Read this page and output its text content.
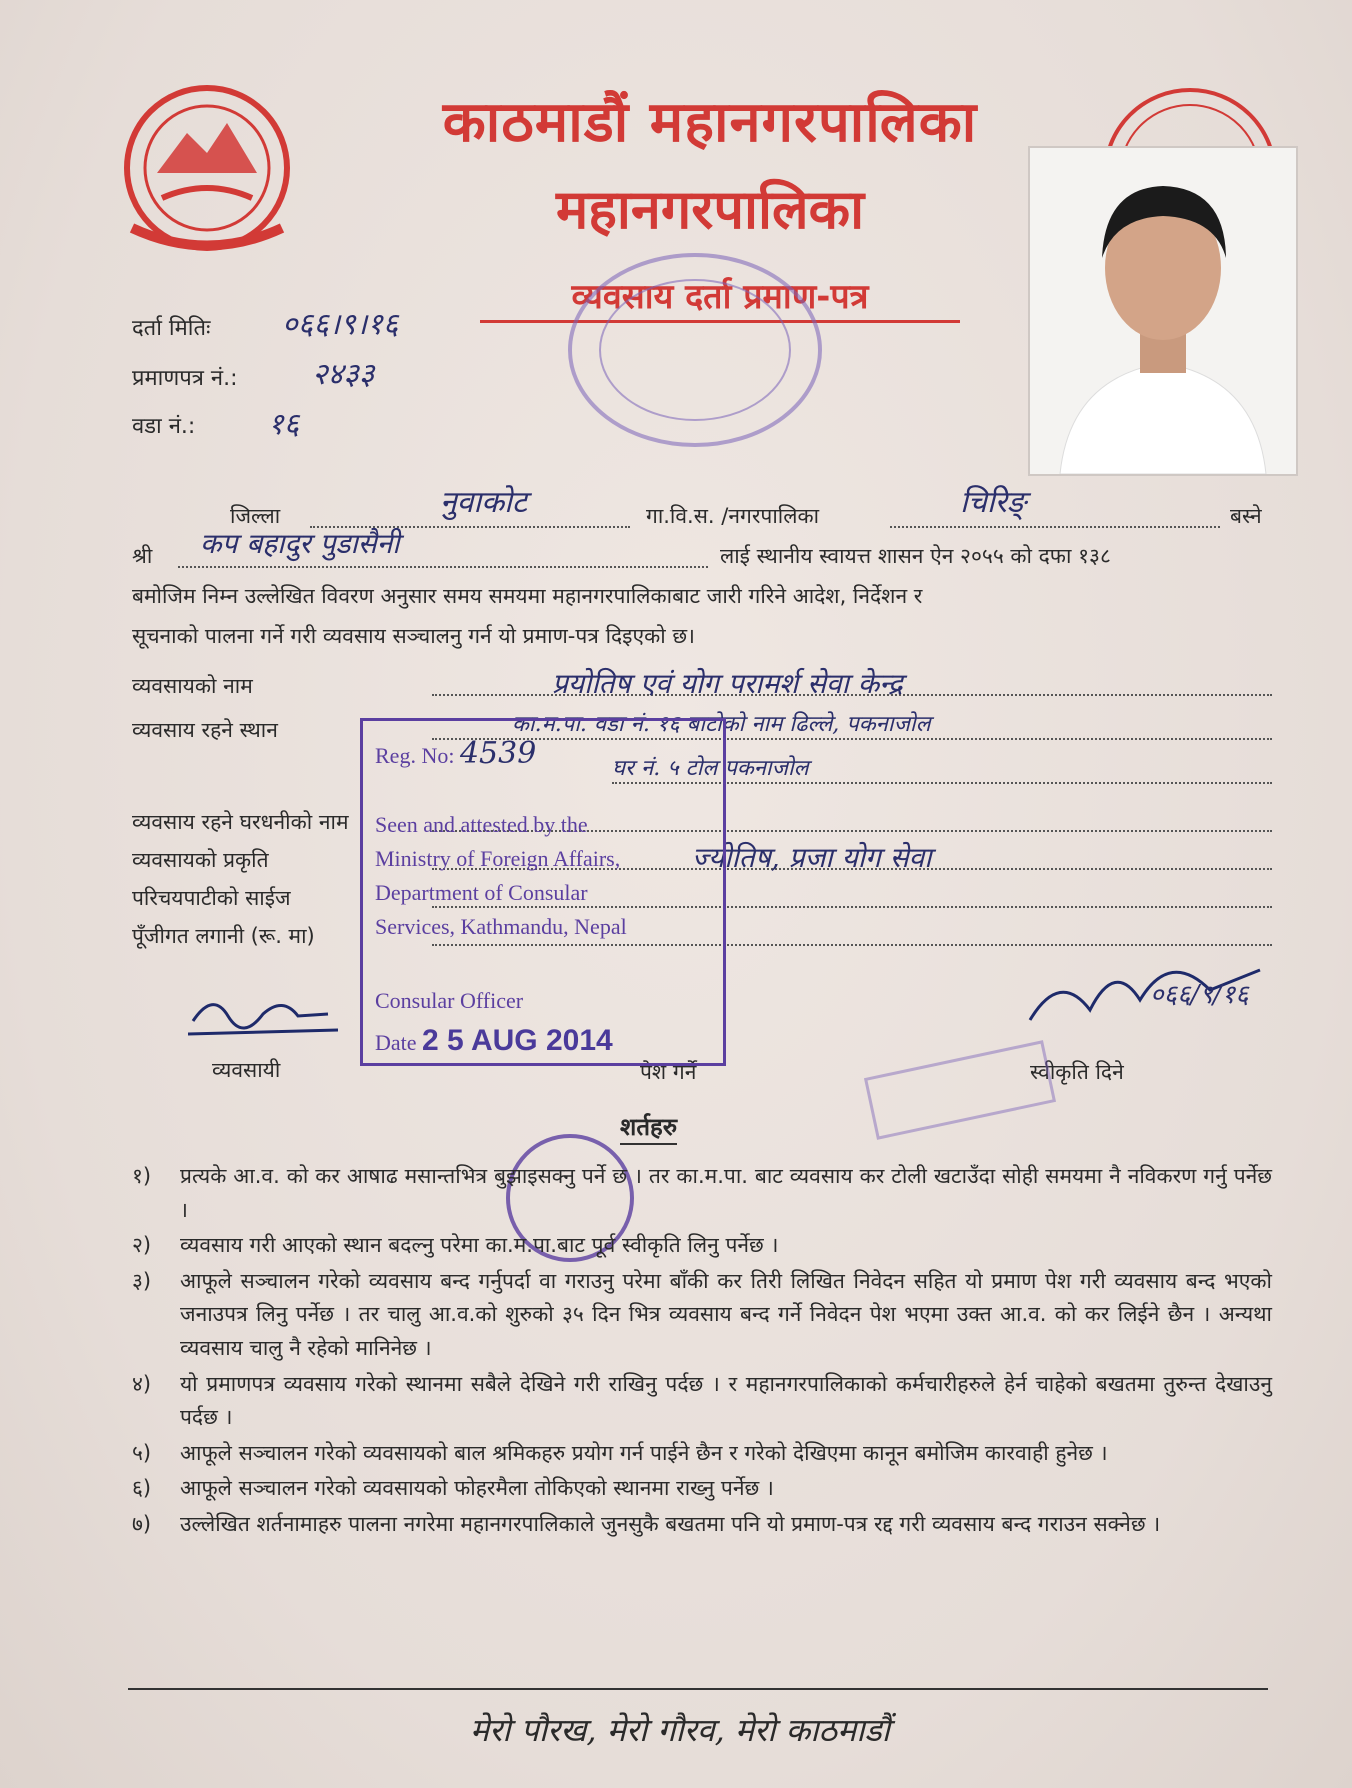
काठमाडौं महानगरपालिका
महानगरपालिका
व्यवसाय दर्ता प्रमाण-पत्र
दर्ता मितिः ०६६।९।१६
प्रमाणपत्र नं.: २४३३
वडा नं.: १६
जिल्ला	नुवाकोट	गा.वि.स. /नगरपालिका	चिरिङ्	बस्ने
श्री कप बहादुर पुडासैनी	लाई स्थानीय स्वायत्त शासन ऐन २०५५ को दफा १३८
बमोजिम निम्न उल्लेखित विवरण अनुसार समय समयमा महानगरपालिकाबाट जारी गरिने आदेश, निर्देशन र
सूचनाको पालना गर्ने गरी व्यवसाय सञ्चालनु गर्न यो प्रमाण-पत्र दिइएको छ।
व्यवसायको नाम	प्रयोतिष एवं योग परामर्श सेवा केन्द्र
व्यवसाय रहने स्थान	का.म.पा. वडा नं. १६ बाटोको नाम ढिल्ले, पकनाजोल
घर नं. ५ टोल पकनाजोल
व्यवसाय रहने घरधनीको नाम
व्यवसायको प्रकृति	ज्योतिष, प्रजा योग सेवा
परिचयपाटीको साईज
पूँजीगत लगानी (रू. मा)
व्यवसायी	पेश गर्ने
०६६/९/१६
स्वीकृति दिने
Reg. No: 4539
Seen and attested by the
Ministry of Foreign Affairs,
Department of Consular
Services, Kathmandu, Nepal
Consular Officer
Date 2 5 AUG 2014
शर्तहरु
१)	प्रत्यके आ.व. को कर आषाढ मसान्तभित्र बुझाइसक्नु पर्ने छ । तर का.म.पा. बाट व्यवसाय कर टोली खटाउँदा सोही समयमा नै नविकरण गर्नु पर्नेछ ।
२)	व्यवसाय गरी आएको स्थान बदल्नु परेमा का.म.पा.बाट पूर्व स्वीकृति लिनु पर्नेछ ।
३)	आफूले सञ्चालन गरेको व्यवसाय बन्द गर्नुपर्दा वा गराउनु परेमा बाँकी कर तिरी लिखित निवेदन सहित यो प्रमाण पेश गरी व्यवसाय बन्द भएको जनाउपत्र लिनु पर्नेछ । तर चालु आ.व.को शुरुको ३५ दिन भित्र व्यवसाय बन्द गर्ने निवेदन पेश भएमा उक्त आ.व. को कर लिईने छैन । अन्यथा व्यवसाय चालु नै रहेको मानिनेछ ।
४)	यो प्रमाणपत्र व्यवसाय गरेको स्थानमा सबैले देखिने गरी राखिनु पर्दछ । र महानगरपालिकाको कर्मचारीहरुले हेर्न चाहेको बखतमा तुरुन्त देखाउनु पर्दछ ।
५)	आफूले सञ्चालन गरेको व्यवसायको बाल श्रमिकहरु प्रयोग गर्न पाईने छैन र गरेको देखिएमा कानून बमोजिम कारवाही हुनेछ ।
६)	आफूले सञ्चालन गरेको व्यवसायको फोहरमैला तोकिएको स्थानमा राख्नु पर्नेछ ।
७)	उल्लेखित शर्तनामाहरु पालना नगरेमा महानगरपालिकाले जुनसुकै बखतमा पनि यो प्रमाण-पत्र रद्द गरी व्यवसाय बन्द गराउन सक्नेछ ।
मेरो पौरख, मेरो गौरव, मेरो काठमाडौं
